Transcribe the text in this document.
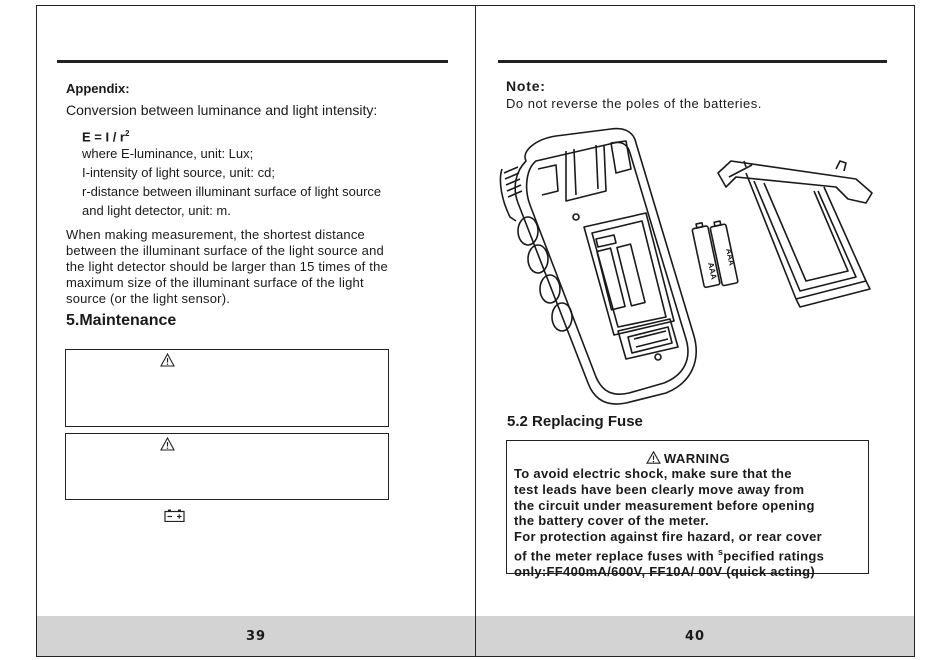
Appendix:
Conversion between luminance and light intensity:
$E = I / r^2$
where E-luminance, unit: Lux;
I-intensity of light source, unit: cd;
r-distance between illuminant surface of light source
and light detector, unit: m.
When making measurement, the shortest distance
between the illuminant surface of the light source and
the light detector should be larger than 15 times of the
maximum size of the illuminant surface of the light
source (or the light sensor).
5.Maintenance
39
Note:
Do not reverse the poles of the batteries.
AAA
AAA
5.2 Replacing Fuse
WARNING
To avoid electric shock, make sure that the
test leads have been clearly move away from
the circuit under measurement before opening
the battery cover of the meter.
For protection against fire hazard, or rear cover
of the meter replace fuses with $^s$pecified ratings
only:FF400mA/600V, FF10A/ 00V (quick acting)
40
